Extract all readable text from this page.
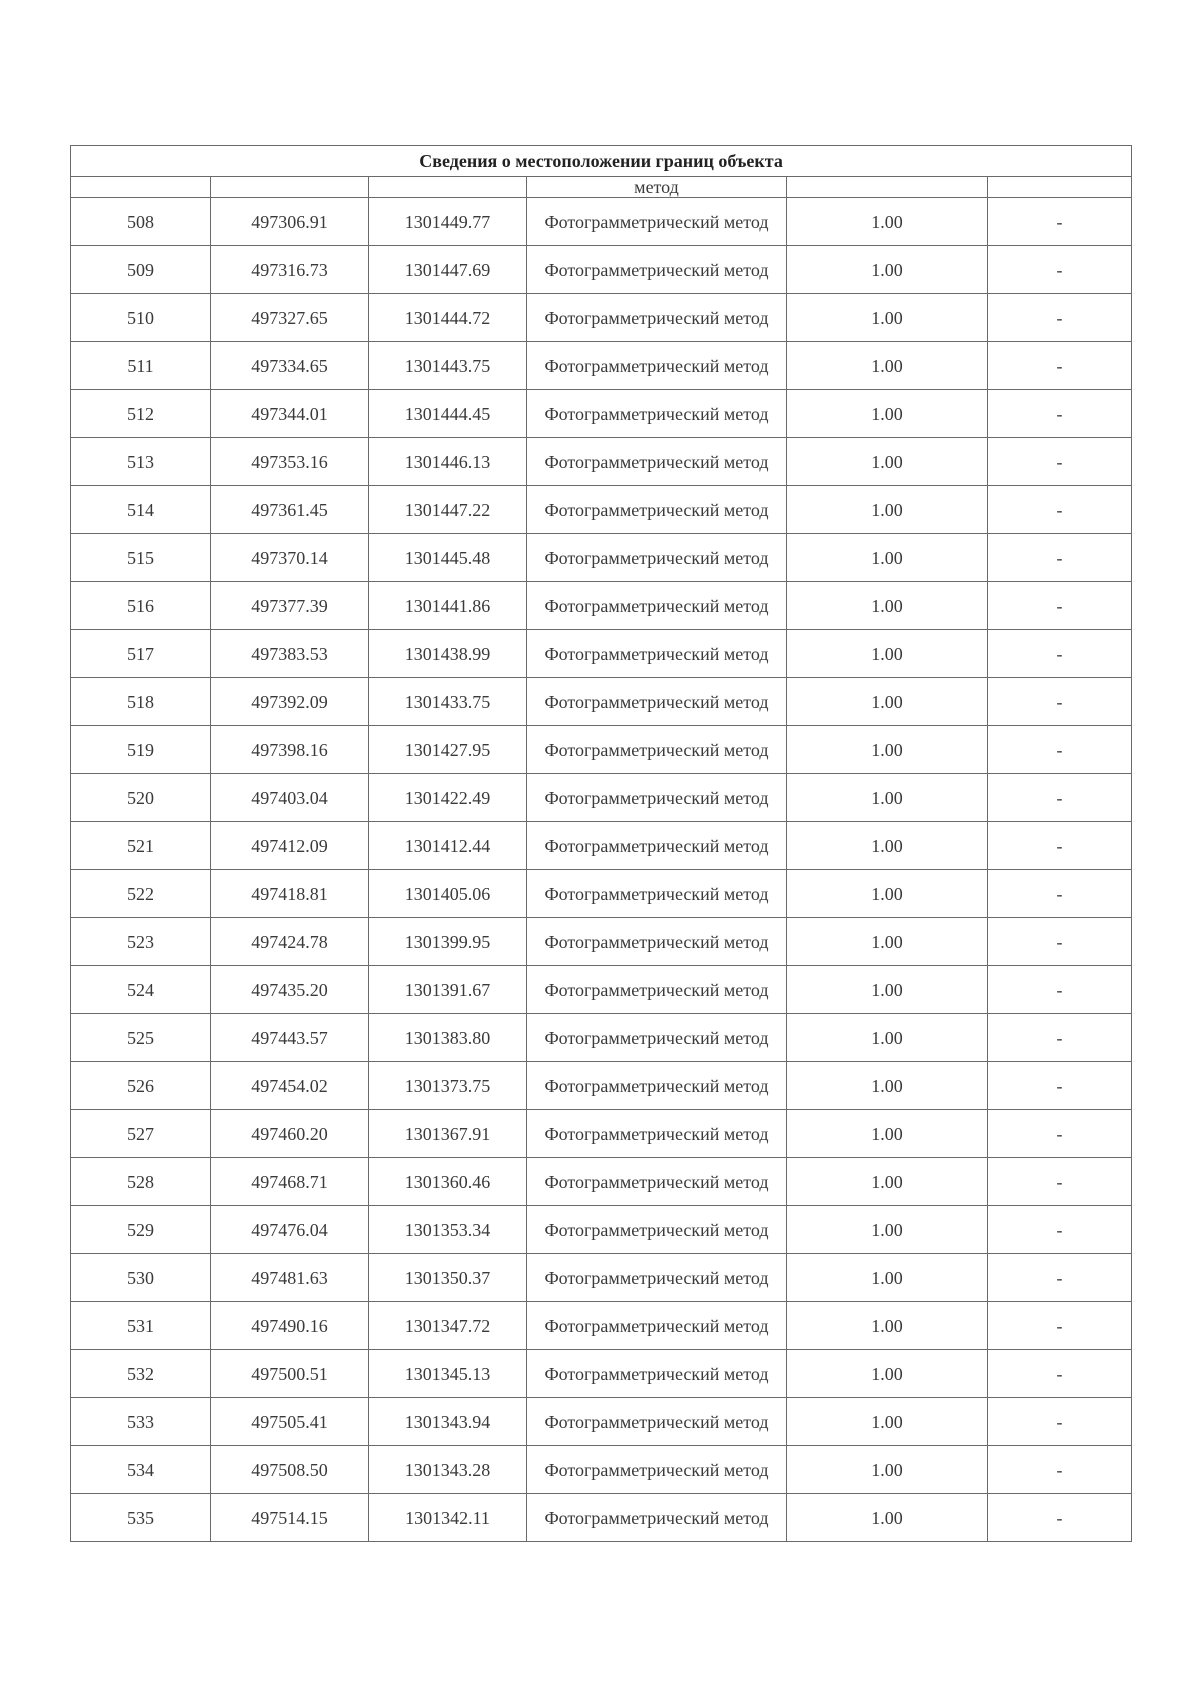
Сведения о местоположении границ объекта					
			метод		
508	497306.91	1301449.77	Фотограмметрический метод	1.00	-
509	497316.73	1301447.69	Фотограмметрический метод	1.00	-
510	497327.65	1301444.72	Фотограмметрический метод	1.00	-
511	497334.65	1301443.75	Фотограмметрический метод	1.00	-
512	497344.01	1301444.45	Фотограмметрический метод	1.00	-
513	497353.16	1301446.13	Фотограмметрический метод	1.00	-
514	497361.45	1301447.22	Фотограмметрический метод	1.00	-
515	497370.14	1301445.48	Фотограмметрический метод	1.00	-
516	497377.39	1301441.86	Фотограмметрический метод	1.00	-
517	497383.53	1301438.99	Фотограмметрический метод	1.00	-
518	497392.09	1301433.75	Фотограмметрический метод	1.00	-
519	497398.16	1301427.95	Фотограмметрический метод	1.00	-
520	497403.04	1301422.49	Фотограмметрический метод	1.00	-
521	497412.09	1301412.44	Фотограмметрический метод	1.00	-
522	497418.81	1301405.06	Фотограмметрический метод	1.00	-
523	497424.78	1301399.95	Фотограмметрический метод	1.00	-
524	497435.20	1301391.67	Фотограмметрический метод	1.00	-
525	497443.57	1301383.80	Фотограмметрический метод	1.00	-
526	497454.02	1301373.75	Фотограмметрический метод	1.00	-
527	497460.20	1301367.91	Фотограмметрический метод	1.00	-
528	497468.71	1301360.46	Фотограмметрический метод	1.00	-
529	497476.04	1301353.34	Фотограмметрический метод	1.00	-
530	497481.63	1301350.37	Фотограмметрический метод	1.00	-
531	497490.16	1301347.72	Фотограмметрический метод	1.00	-
532	497500.51	1301345.13	Фотограмметрический метод	1.00	-
533	497505.41	1301343.94	Фотограмметрический метод	1.00	-
534	497508.50	1301343.28	Фотограмметрический метод	1.00	-
535	497514.15	1301342.11	Фотограмметрический метод	1.00	-
